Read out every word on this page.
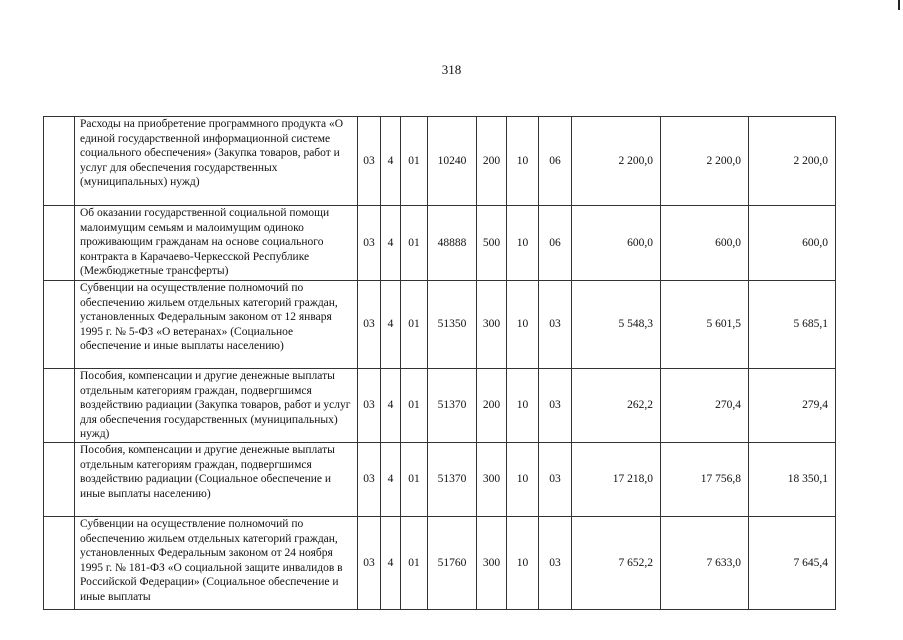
318

	Расходы на приобретение программного продукта «О единой государственной информационной системе социального обеспечения» (Закупка товаров, работ и услуг для обеспечения государственных (муниципальных) нужд)	03	4	01	10240	200	10	06	2 200,0	2 200,0	2 200,0

	Об оказании государственной социальной помощи малоимущим семьям и малоимущим одиноко проживающим гражданам на основе социального контракта в Карачаево-Черкесской Республике (Межбюджетные трансферты)	03	4	01	48888	500	10	06	600,0	600,0	600,0

	Субвенции на осуществление полномочий по обеспечению жильем отдельных категорий граждан, установленных Федеральным законом от 12 января 1995 г. № 5-ФЗ «О ветеранах» (Социальное обеспечение и иные выплаты населению)	03	4	01	51350	300	10	03	5 548,3	5 601,5	5 685,1

	Пособия, компенсации и другие денежные выплаты отдельным категориям граждан, подвергшимся воздействию радиации (Закупка товаров, работ и услуг для обеспечения государственных (муниципальных) нужд)	03	4	01	51370	200	10	03	262,2	270,4	279,4

	Пособия, компенсации и другие денежные выплаты отдельным категориям граждан, подвергшимся воздействию радиации (Социальное обеспечение и иные выплаты населению)	03	4	01	51370	300	10	03	17 218,0	17 756,8	18 350,1

	Субвенции на осуществление полномочий по обеспечению жильем отдельных категорий граждан, установленных Федеральным законом от 24 ноября 1995 г. № 181-ФЗ «О социальной защите инвалидов в Российской Федерации» (Социальное обеспечение и иные выплаты	03	4	01	51760	300	10	03	7 652,2	7 633,0	7 645,4
